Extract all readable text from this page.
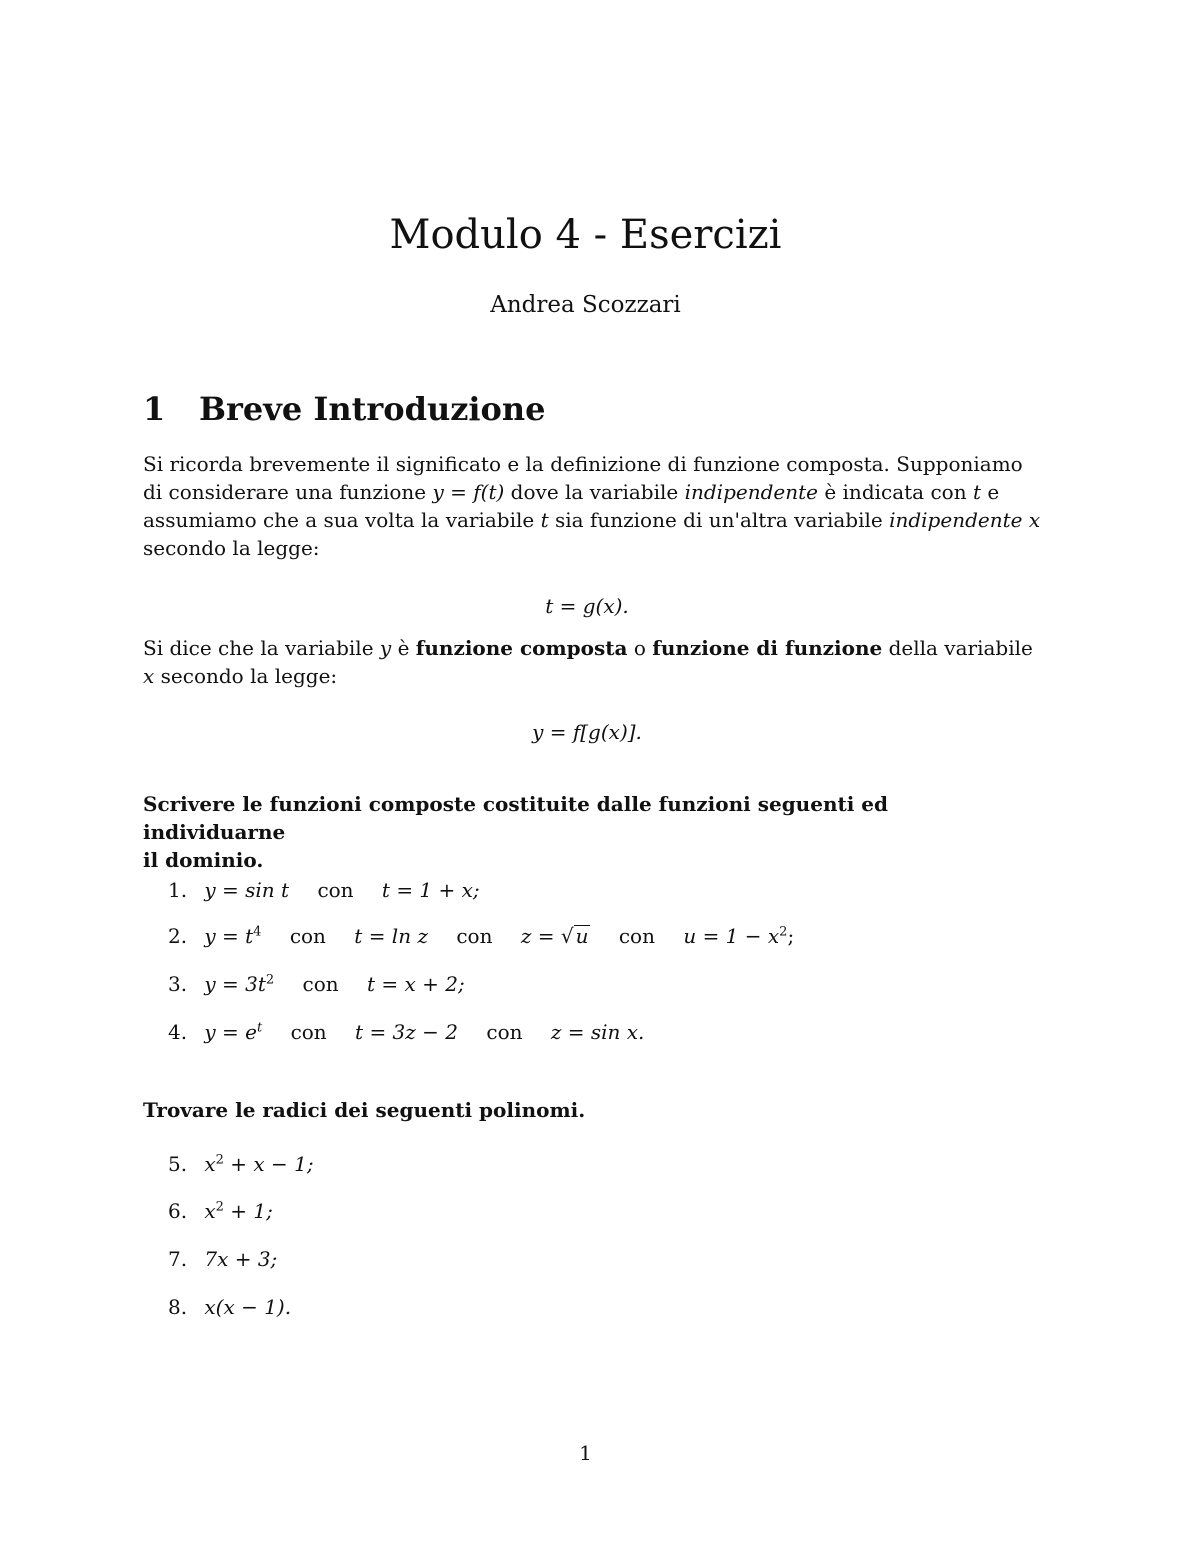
Modulo 4 - Esercizi
Andrea Scozzari
1 Breve Introduzione
Si ricorda brevemente il significato e la definizione di funzione composta. Supponiamo
di considerare una funzione y = f(t) dove la variabile indipendente è indicata con t e
assumiamo che a sua volta la variabile t sia funzione di un'altra variabile indipendente x
secondo la legge:
t = g(x).
Si dice che la variabile y è funzione composta o funzione di funzione della variabile
x secondo la legge:
y = f[g(x)].
Scrivere le funzioni composte costituite dalle funzioni seguenti ed individuarne
il dominio.
1. y = sin t con t = 1 + x;
2. $y = t^4$ con t = ln z con z = √ u con $u = 1 - x^2$;
3. $y = 3t^2$ con t = x + 2;
4. $y = e^t$ con t = 3z − 2 con z = sin x.
Trovare le radici dei seguenti polinomi.
5. $x^2 + x - 1$;
6. $x^2 + 1$;
7. 7x + 3;
8. x(x − 1).
1
